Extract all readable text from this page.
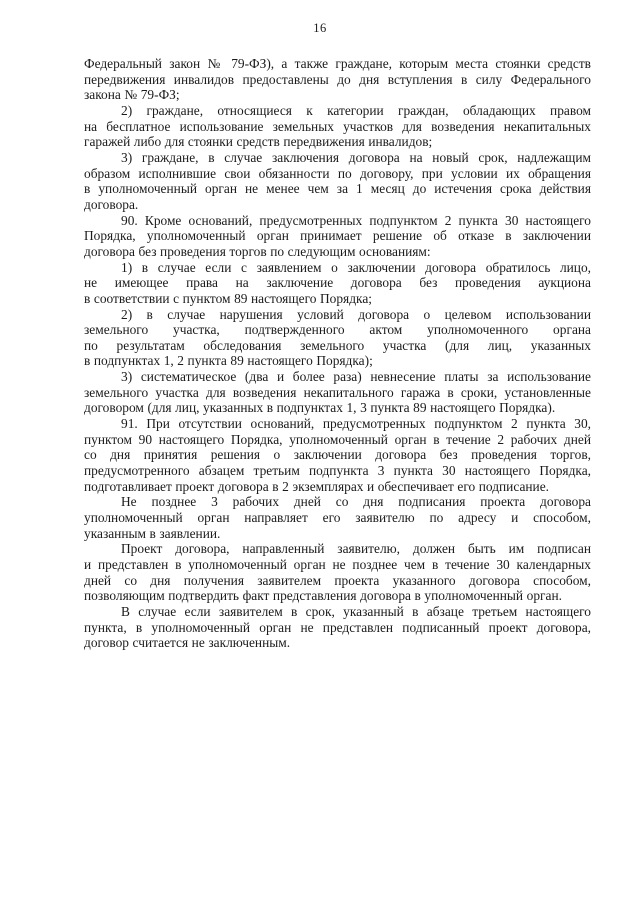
16
Федеральный закон № 79-ФЗ), а также граждане, которым места стоянки средств
передвижения инвалидов предоставлены до дня вступления в силу Федерального
закона № 79-ФЗ;
2) граждане, относящиеся к категории граждан, обладающих правом
на бесплатное использование земельных участков для возведения некапитальных
гаражей либо для стоянки средств передвижения инвалидов;
3) граждане, в случае заключения договора на новый срок, надлежащим
образом исполнившие свои обязанности по договору, при условии их обращения
в уполномоченный орган не менее чем за 1 месяц до истечения срока действия
договора.
90. Кроме оснований, предусмотренных подпунктом 2 пункта 30 настоящего
Порядка, уполномоченный орган принимает решение об отказе в заключении
договора без проведения торгов по следующим основаниям:
1) в случае если с заявлением о заключении договора обратилось лицо,
не имеющее права на заключение договора без проведения аукциона
в соответствии с пунктом 89 настоящего Порядка;
2) в случае нарушения условий договора о целевом использовании
земельного участка, подтвержденного актом уполномоченного органа
по результатам обследования земельного участка (для лиц, указанных
в подпунктах 1, 2 пункта 89 настоящего Порядка);
3) систематическое (два и более раза) невнесение платы за использование
земельного участка для возведения некапитального гаража в сроки, установленные
договором (для лиц, указанных в подпунктах 1, 3 пункта 89 настоящего Порядка).
91. При отсутствии оснований, предусмотренных подпунктом 2 пункта 30,
пунктом 90 настоящего Порядка, уполномоченный орган в течение 2 рабочих дней
со дня принятия решения о заключении договора без проведения торгов,
предусмотренного абзацем третьим подпункта 3 пункта 30 настоящего Порядка,
подготавливает проект договора в 2 экземплярах и обеспечивает его подписание.
Не позднее 3 рабочих дней со дня подписания проекта договора
уполномоченный орган направляет его заявителю по адресу и способом,
указанным в заявлении.
Проект договора, направленный заявителю, должен быть им подписан
и представлен в уполномоченный орган не позднее чем в течение 30 календарных
дней со дня получения заявителем проекта указанного договора способом,
позволяющим подтвердить факт представления договора в уполномоченный орган.
В случае если заявителем в срок, указанный в абзаце третьем настоящего
пункта, в уполномоченный орган не представлен подписанный проект договора,
договор считается не заключенным.
